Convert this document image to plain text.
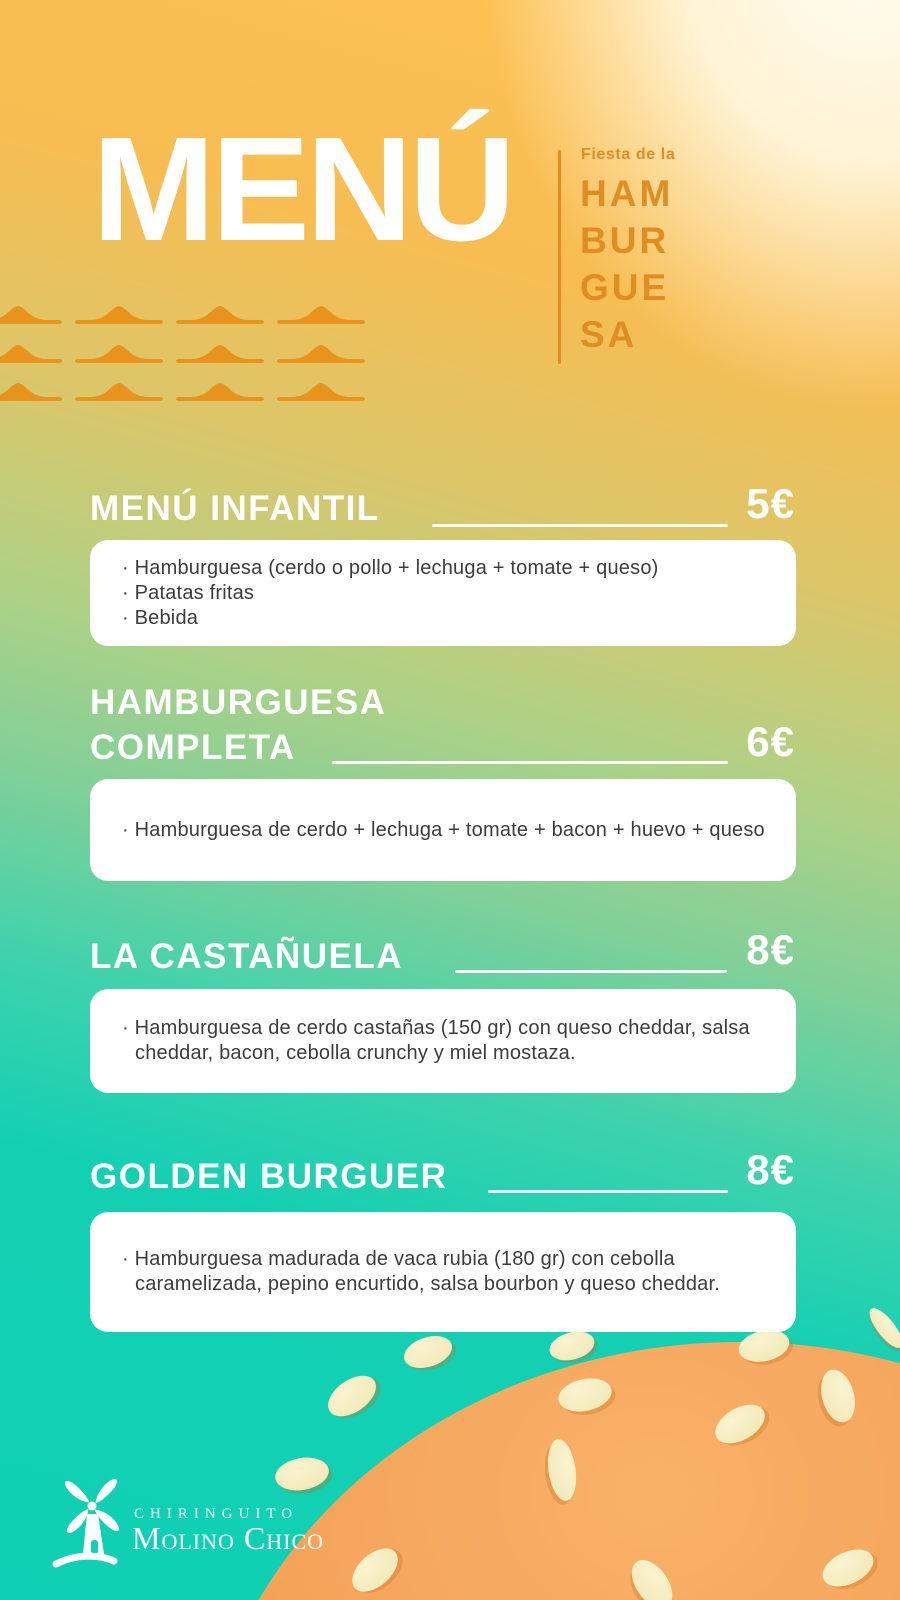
MENÚ	Fiesta de la
HAM
BUR
GUE
SA
MENÚ INFANTIL	5€

· Hamburguesa (cerdo o pollo + lechuga + tomate + queso)

· Patatas fritas

· Bebida

HAMBURGUESA COMPLETA	6€

· Hamburguesa de cerdo + lechuga + tomate + bacon + huevo + queso

LA CASTAÑUELA	8€

· Hamburguesa de cerdo castañas (150 gr) con queso cheddar, salsa cheddar, bacon, cebolla crunchy y miel mostaza.

GOLDEN BURGUER	8€

· Hamburguesa madurada de vaca rubia (180 gr) con cebolla caramelizada, pepino encurtido, salsa bourbon y queso cheddar.

CHIRINGUITO
Molino Chico
